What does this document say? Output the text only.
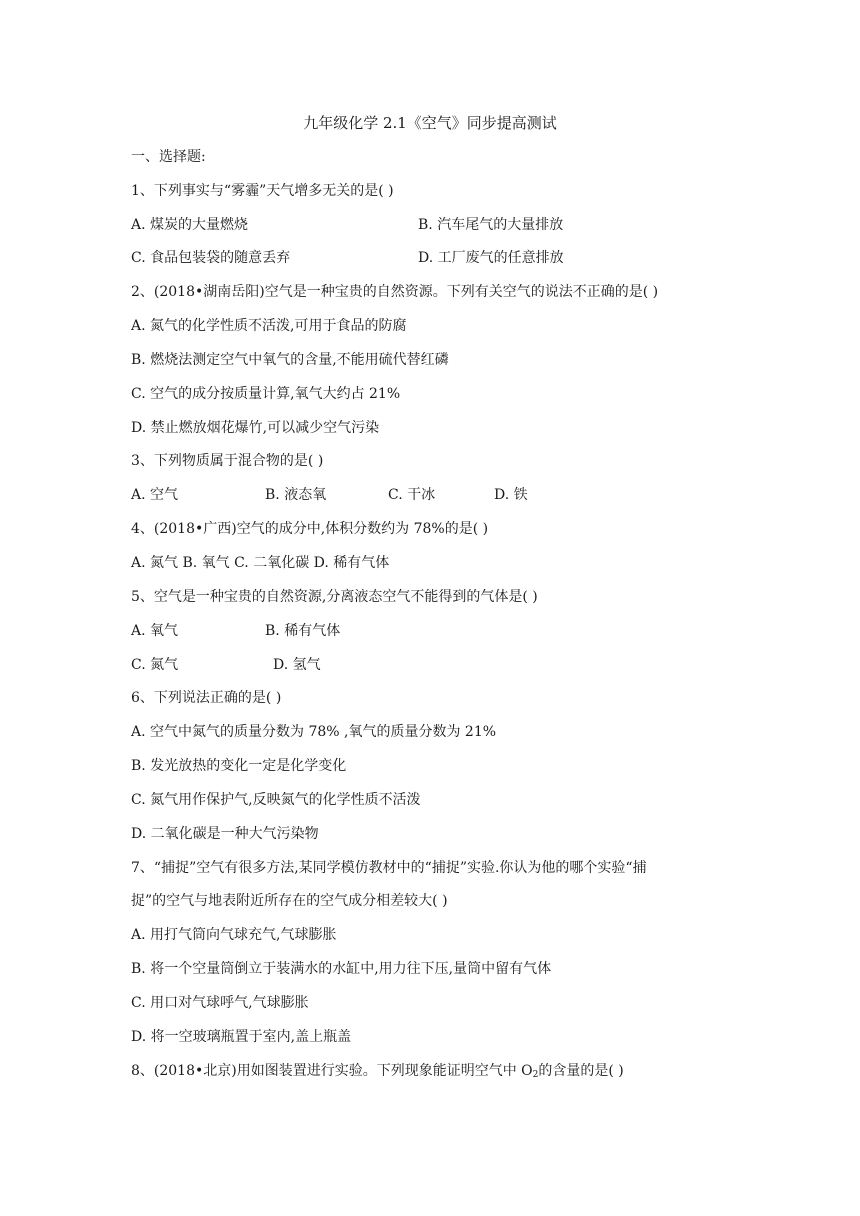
九年级化学 2.1《空气》同步提高测试
一、选择题:
1、下列事实与“雾霾”天气增多无关的是( )
A. 煤炭的大量燃烧	B. 汽车尾气的大量排放
C. 食品包装袋的随意丢弃	D. 工厂废气的任意排放
2、(2018•湖南岳阳)空气是一种宝贵的自然资源。下列有关空气的说法不正确的是( )
A. 氮气的化学性质不活泼,可用于食品的防腐
B. 燃烧法测定空气中氧气的含量,不能用硫代替红磷
C. 空气的成分按质量计算,氧气大约占 21%
D. 禁止燃放烟花爆竹,可以减少空气污染
3、下列物质属于混合物的是( )
A. 空气	B. 液态氧	C. 干冰	D. 铁
4、(2018•广西)空气的成分中,体积分数约为 78%的是( )
A. 氮气 B. 氧气 C. 二氧化碳 D. 稀有气体
5、空气是一种宝贵的自然资源,分离液态空气不能得到的气体是( )
A. 氧气	B. 稀有气体
C. 氮气	D. 氢气
6、下列说法正确的是( )
A. 空气中氮气的质量分数为 78% ,氧气的质量分数为 21%
B. 发光放热的变化一定是化学变化
C. 氮气用作保护气,反映氮气的化学性质不活泼
D. 二氧化碳是一种大气污染物
7、“捕捉”空气有很多方法,某同学模仿教材中的“捕捉”实验.你认为他的哪个实验“捕
捉”的空气与地表附近所存在的空气成分相差较大( )
A. 用打气筒向气球充气,气球膨胀
B. 将一个空量筒倒立于装满水的水缸中,用力往下压,量筒中留有气体
C. 用口对气球呼气,气球膨胀
D. 将一空玻璃瓶置于室内,盖上瓶盖
8、(2018•北京)用如图装置进行实验。下列现象能证明空气中 $O_2$的含量的是( )
